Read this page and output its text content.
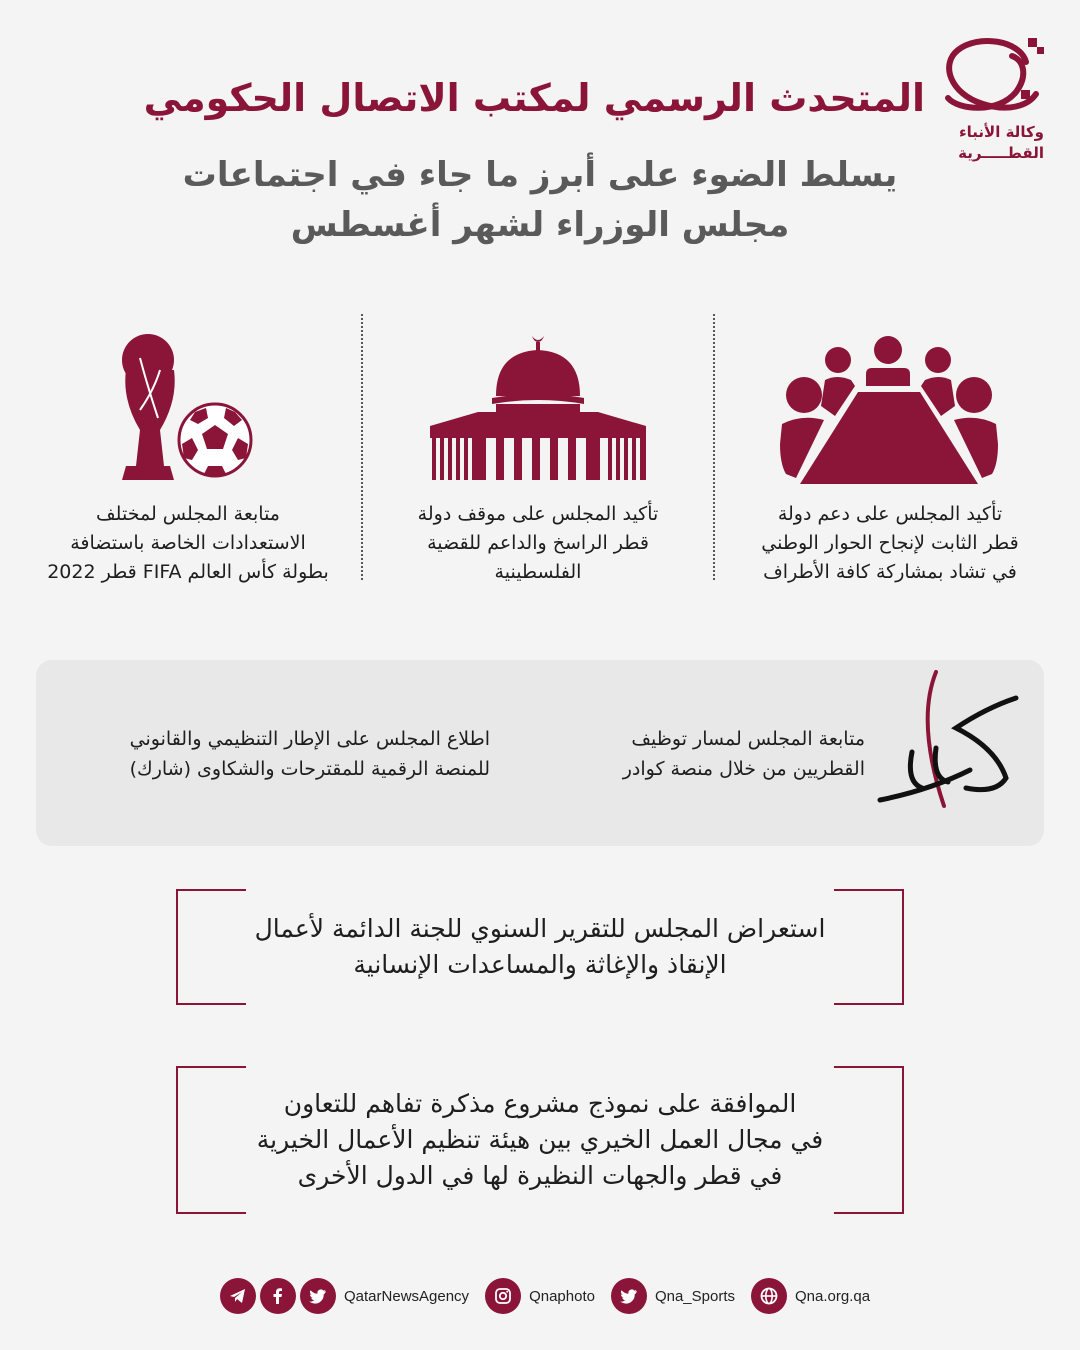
وكالة الأنباء
القطـــــرية
المتحدث الرسمي لمكتب الاتصال الحكومي
يسلط الضوء على أبرز ما جاء في اجتماعات
مجلس الوزراء لشهر أغسطس
تأكيد المجلس على دعم دولة
قطر الثابت لإنجاح الحوار الوطني
في تشاد بمشاركة كافة الأطراف
تأكيد المجلس على موقف دولة
قطر الراسخ والداعم للقضية
الفلسطينية
متابعة المجلس لمختلف
الاستعدادات الخاصة باستضافة
بطولة كأس العالم FIFA قطر 2022
متابعة المجلس لمسار توظيف
القطريين من خلال منصة كوادر
اطلاع المجلس على الإطار التنظيمي والقانوني
للمنصة الرقمية للمقترحات والشكاوى (شارك)
استعراض المجلس للتقرير السنوي للجنة الدائمة لأعمال
الإنقاذ والإغاثة والمساعدات الإنسانية
الموافقة على نموذج مشروع مذكرة تفاهم للتعاون
في مجال العمل الخيري بين هيئة تنظيم الأعمال الخيرية
في قطر والجهات النظيرة لها في الدول الأخرى
QatarNewsAgency	Qnaphoto	Qna_Sports	Qna.org.qa
